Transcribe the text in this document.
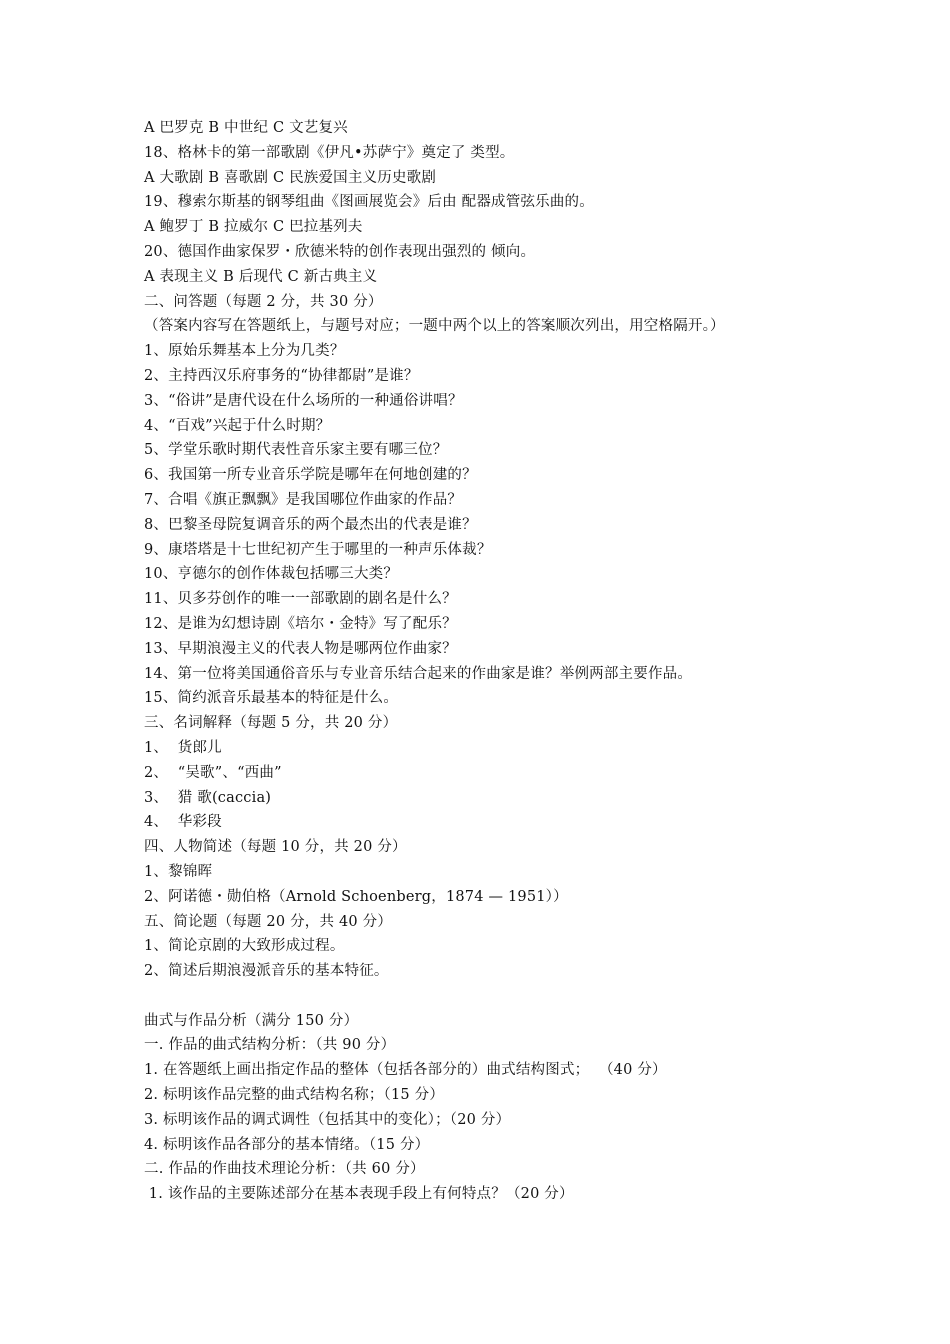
A 巴罗克 B 中世纪 C 文艺复兴
18、格林卡的第一部歌剧《伊凡•苏萨宁》奠定了 类型。
A 大歌剧 B 喜歌剧 C 民族爱国主义历史歌剧
19、穆索尔斯基的钢琴组曲《图画展览会》后由 配器成管弦乐曲的。
A 鲍罗丁 B 拉威尔 C 巴拉基列夫
20、德国作曲家保罗・欣德米特的创作表现出强烈的 倾向。
A 表现主义 B 后现代 C 新古典主义
二、问答题（每题 2 分，共 30 分）
（答案内容写在答题纸上，与题号对应；一题中两个以上的答案顺次列出，用空格隔开。）
1、原始乐舞基本上分为几类？
2、主持西汉乐府事务的“协律都尉”是谁？
3、“俗讲”是唐代设在什么场所的一种通俗讲唱？
4、“百戏”兴起于什么时期？
5、学堂乐歌时期代表性音乐家主要有哪三位？
6、我国第一所专业音乐学院是哪年在何地创建的？
7、合唱《旗正飘飘》是我国哪位作曲家的作品？
8、巴黎圣母院复调音乐的两个最杰出的代表是谁？
9、康塔塔是十七世纪初产生于哪里的一种声乐体裁？
10、亨德尔的创作体裁包括哪三大类？
11、贝多芬创作的唯一一部歌剧的剧名是什么？
12、是谁为幻想诗剧《培尔・金特》写了配乐？
13、早期浪漫主义的代表人物是哪两位作曲家？
14、第一位将美国通俗音乐与专业音乐结合起来的作曲家是谁？举例两部主要作品。
15、简约派音乐最基本的特征是什么。
三、名词解释（每题 5 分，共 20 分）
1、  货郎儿
2、  “吴歌”、“西曲”
3、  猎 歌(caccia)
4、  华彩段
四、人物简述（每题 10 分，共 20 分）
1、黎锦晖
2、阿诺德・勋伯格（Arnold Schoenberg，1874 — 1951））
五、简论题（每题 20 分，共 40 分）
1、简论京剧的大致形成过程。
2、简述后期浪漫派音乐的基本特征。
曲式与作品分析（满分 150 分）
一. 作品的曲式结构分析：（共 90 分）
1. 在答题纸上画出指定作品的整体（包括各部分的）曲式结构图式；  （40 分）
2. 标明该作品完整的曲式结构名称；（15 分）
3. 标明该作品的调式调性（包括其中的变化）；（20 分）
4. 标明该作品各部分的基本情绪。（15 分）
二. 作品的作曲技术理论分析：（共 60 分）
1. 该作品的主要陈述部分在基本表现手段上有何特点？（20 分）
